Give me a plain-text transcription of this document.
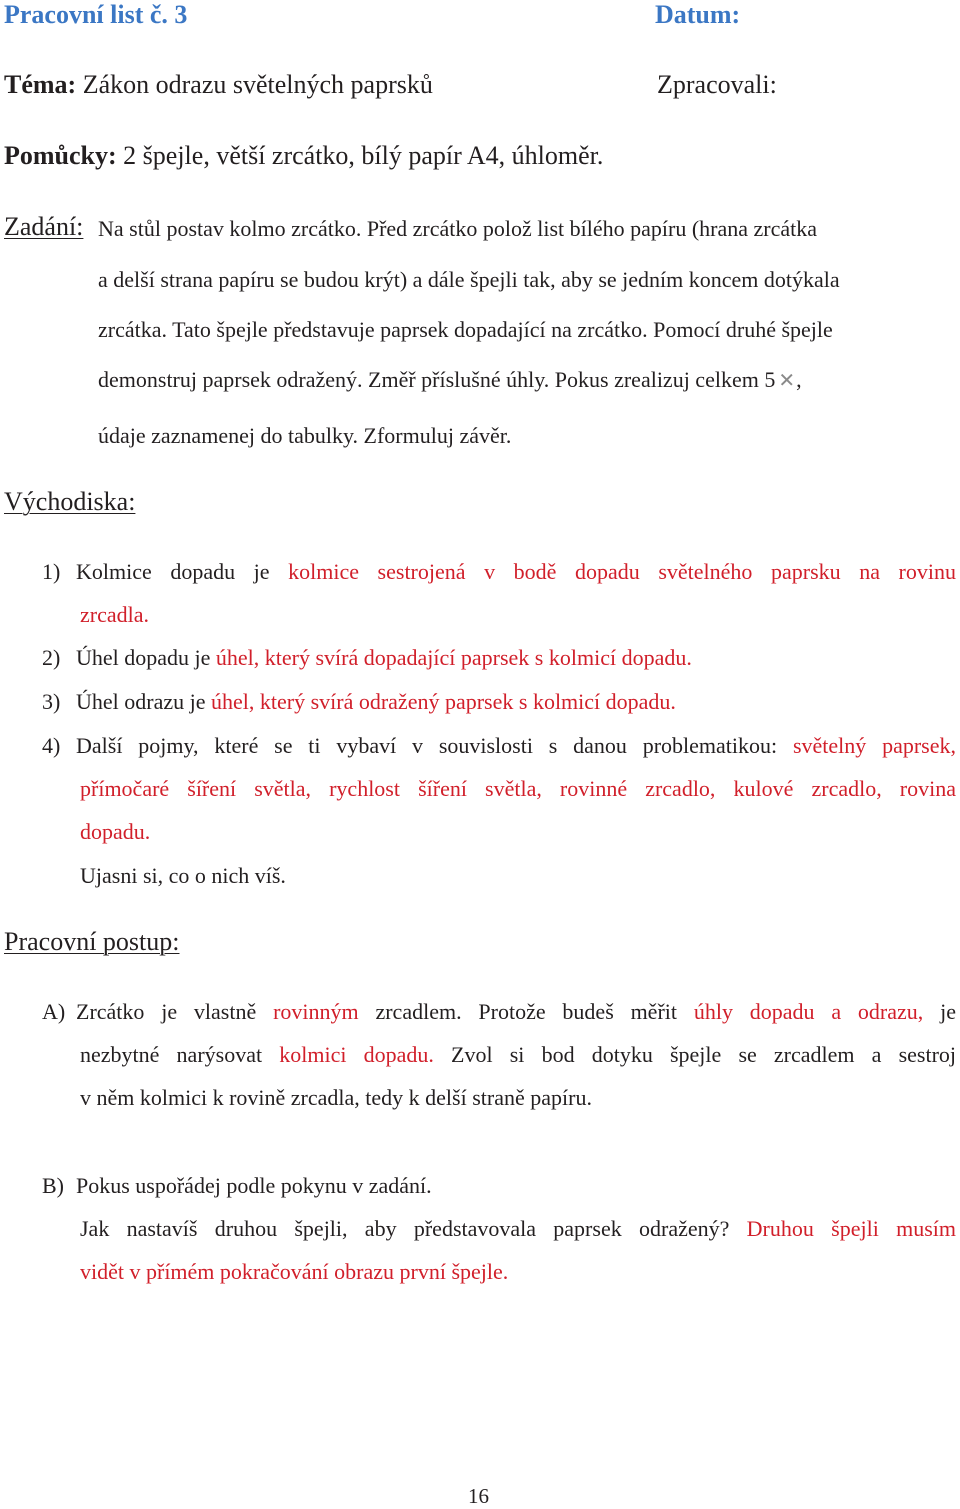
Pracovní list č. 3	Datum:
Téma: Zákon odrazu světelných paprsků	Zpracovali:
Pomůcky: 2 špejle, větší zrcátko, bílý papír A4, úhloměr.
Zadání: Na stůl postav kolmo zrcátko. Před zrcátko polož list bílého papíru (hrana zrcátka
a delší strana papíru se budou krýt) a dále špejli tak, aby se jedním koncem dotýkala
zrcátka. Tato špejle představuje paprsek dopadající na zrcátko. Pomocí druhé špejle
demonstruj paprsek odražený. Změř příslušné úhly. Pokus zrealizuj celkem 5 ✕,
údaje zaznamenej do tabulky. Zformuluj závěr.
Východiska:
1) Kolmice dopadu je kolmice sestrojená v bodě dopadu světelného paprsku na rovinu
zrcadla.
2) Úhel dopadu je úhel, který svírá dopadající paprsek s kolmicí dopadu.
3) Úhel odrazu je úhel, který svírá odražený paprsek s kolmicí dopadu.
4) Další pojmy, které se ti vybaví v souvislosti s danou problematikou: světelný paprsek,
přímočaré šíření světla, rychlost šíření světla, rovinné zrcadlo, kulové zrcadlo, rovina
dopadu.
Ujasni si, co o nich víš.
Pracovní postup:
A) Zrcátko je vlastně rovinným zrcadlem. Protože budeš měřit úhly dopadu a odrazu, je
nezbytné narýsovat kolmici dopadu. Zvol si bod dotyku špejle se zrcadlem a sestroj
v něm kolmici k rovině zrcadla, tedy k delší straně papíru.
B) Pokus uspořádej podle pokynu v zadání.
Jak nastavíš druhou špejli, aby představovala paprsek odražený? Druhou špejli musím
vidět v přímém pokračování obrazu první špejle.
16
